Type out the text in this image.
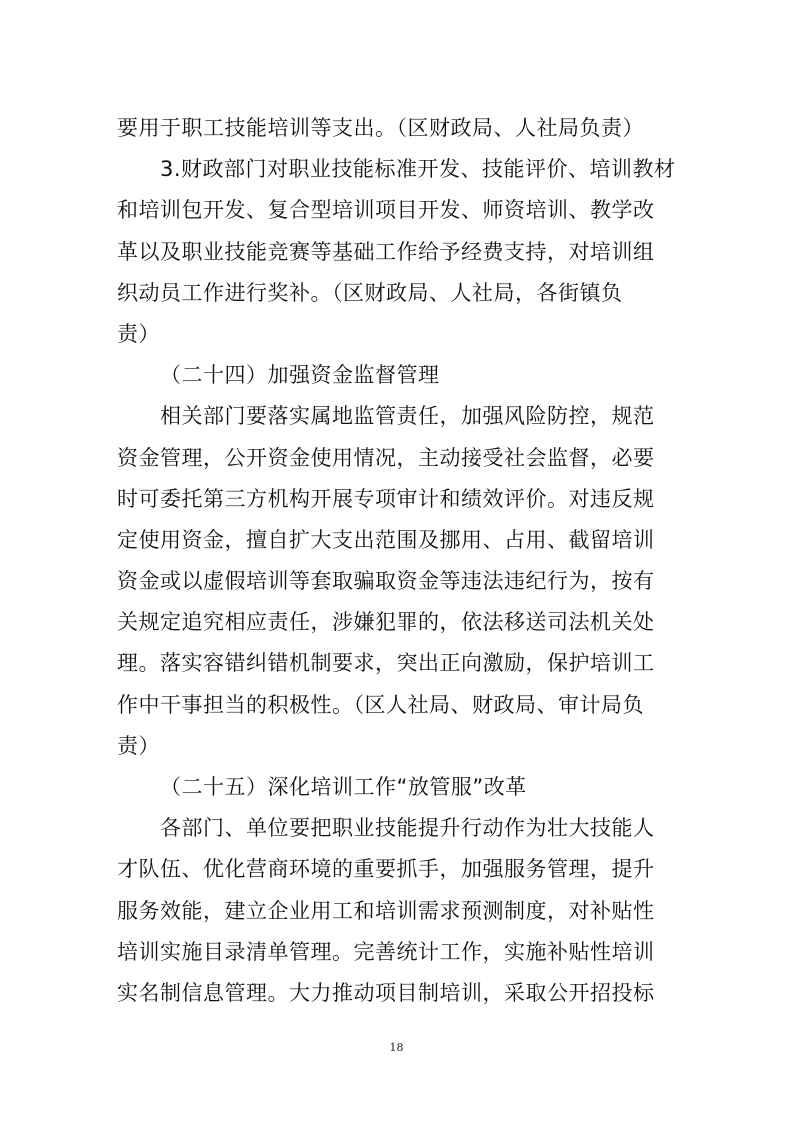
要用于职工技能培训等支出。（区财政局、人社局负责）
3.财政部门对职业技能标准开发、技能评价、培训教材
和培训包开发、复合型培训项目开发、师资培训、教学改
革以及职业技能竞赛等基础工作给予经费支持，对培训组
织动员工作进行奖补。（区财政局、人社局，各街镇负
责）
（二十四）加强资金监督管理
相关部门要落实属地监管责任，加强风险防控，规范
资金管理，公开资金使用情况，主动接受社会监督，必要
时可委托第三方机构开展专项审计和绩效评价。对违反规
定使用资金，擅自扩大支出范围及挪用、占用、截留培训
资金或以虚假培训等套取骗取资金等违法违纪行为，按有
关规定追究相应责任，涉嫌犯罪的，依法移送司法机关处
理。落实容错纠错机制要求，突出正向激励，保护培训工
作中干事担当的积极性。（区人社局、财政局、审计局负
责）
（二十五）深化培训工作“放管服”改革
各部门、单位要把职业技能提升行动作为壮大技能人
才队伍、优化营商环境的重要抓手，加强服务管理，提升
服务效能，建立企业用工和培训需求预测制度，对补贴性
培训实施目录清单管理。完善统计工作，实施补贴性培训
实名制信息管理。大力推动项目制培训，采取公开招投标
18
